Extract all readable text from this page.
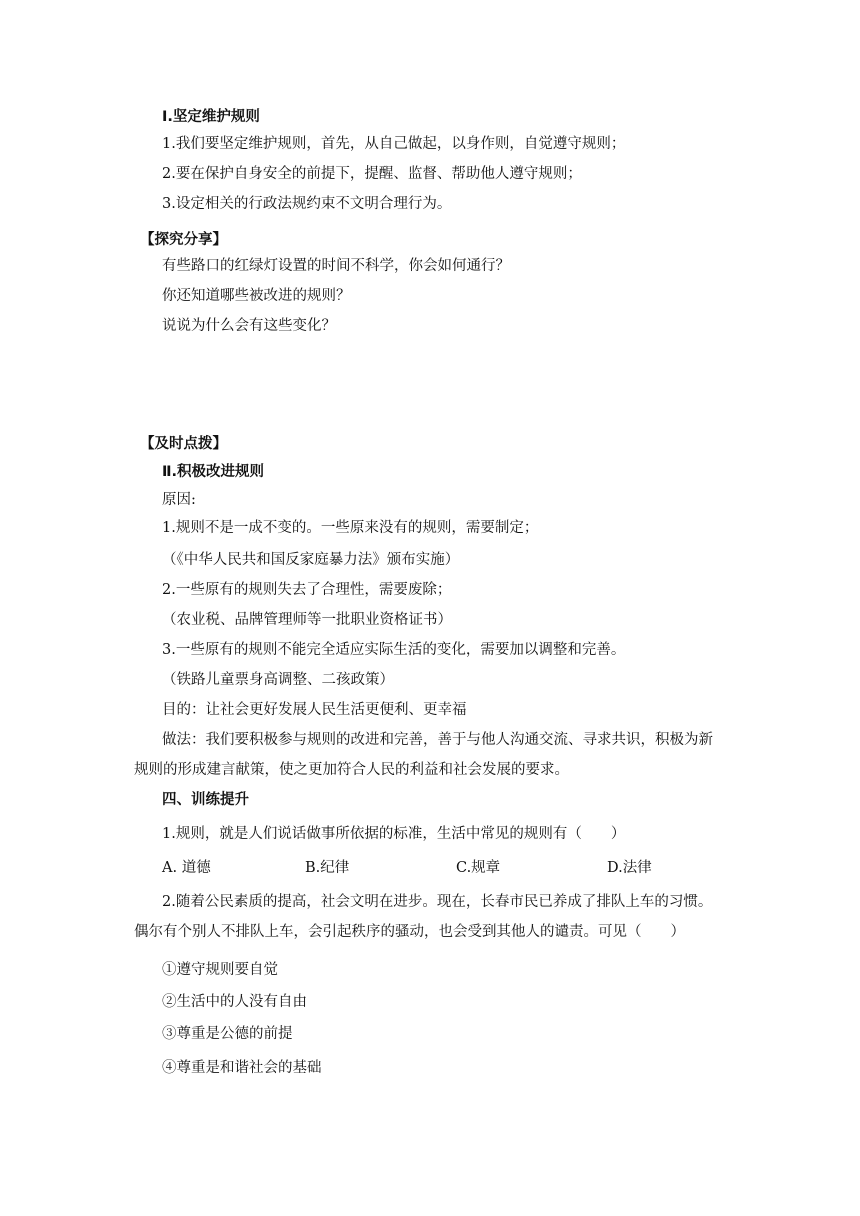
Ⅰ.坚定维护规则
1.我们要坚定维护规则，首先，从自己做起，以身作则，自觉遵守规则；
2.要在保护自身安全的前提下，提醒、监督、帮助他人遵守规则；
3.设定相关的行政法规约束不文明合理行为。
【探究分享】
有些路口的红绿灯设置的时间不科学，你会如何通行？
你还知道哪些被改进的规则？
说说为什么会有这些变化？
【及时点拨】
Ⅱ.积极改进规则
原因:
1.规则不是一成不变的。一些原来没有的规则，需要制定；
（《中华人民共和国反家庭暴力法》颁布实施）
2.一些原有的规则失去了合理性，需要废除；
（农业税、品牌管理师等一批职业资格证书）
3.一些原有的规则不能完全适应实际生活的变化，需要加以调整和完善。
（铁路儿童票身高调整、二孩政策）
目的：让社会更好发展人民生活更便利、更幸福
做法：我们要积极参与规则的改进和完善，善于与他人沟通交流、寻求共识，积极为新
规则的形成建言献策，使之更加符合人民的利益和社会发展的要求。
四、训练提升
1.规则，就是人们说话做事所依据的标准，生活中常见的规则有（　　）
A. 道德	B.纪律	C.规章	D.法律
2.随着公民素质的提高，社会文明在进步。现在，长春市民已养成了排队上车的习惯。
偶尔有个别人不排队上车，会引起秩序的骚动，也会受到其他人的谴责。可见（　　）
①遵守规则要自觉
②生活中的人没有自由
③尊重是公德的前提
④尊重是和谐社会的基础
